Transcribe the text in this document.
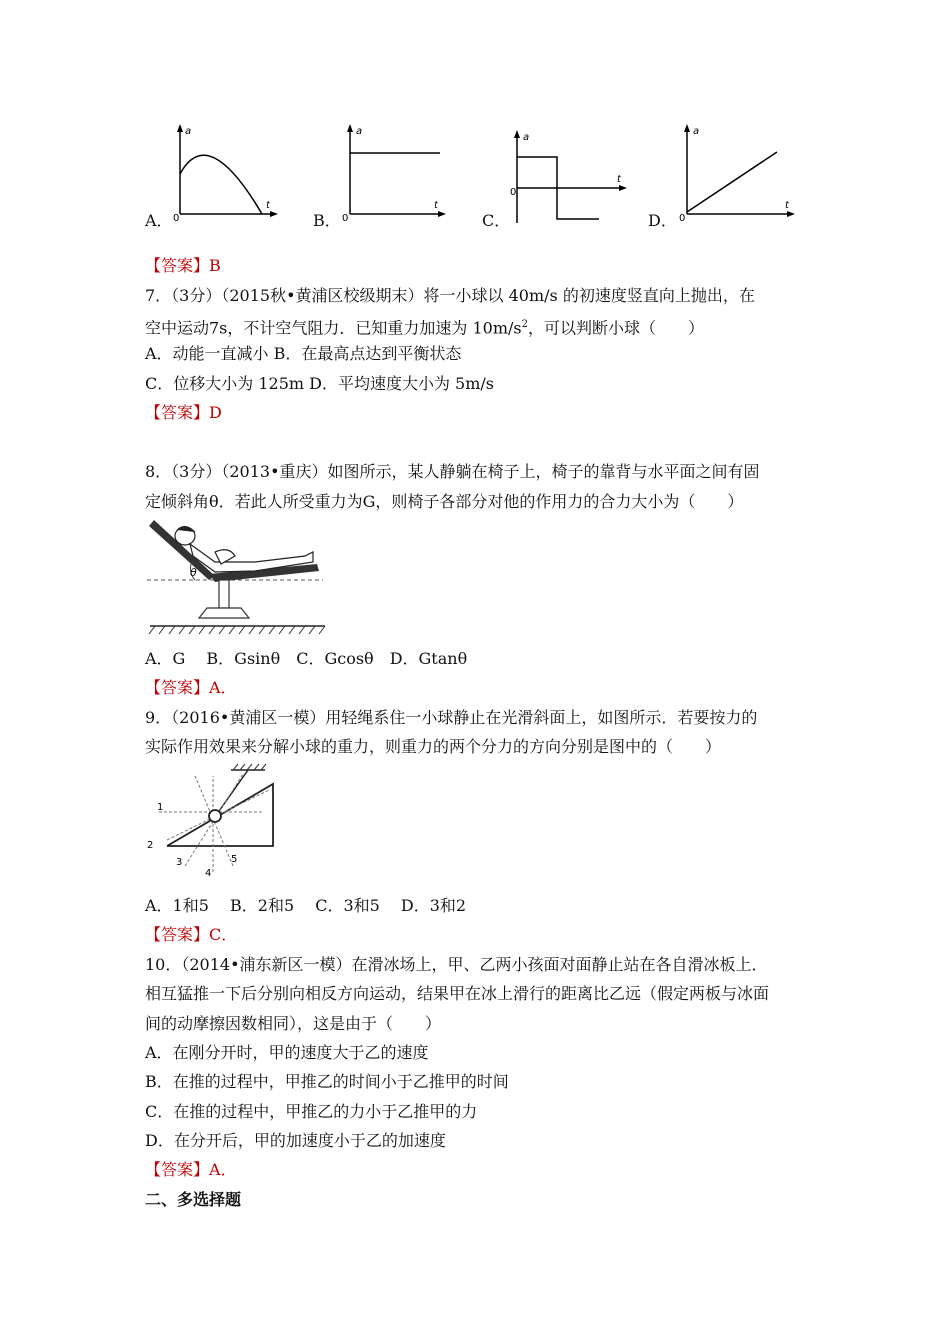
A．
a
t
0	B．
a
t
0	C．
a
t
0
D．
a
t
0
【答案】B
7．（3分）（2015秋•黄浦区校级期末）将一小球以 40m/s 的初速度竖直向上抛出，在
空中运动7s，不计空气阻力．已知重力加速为 $10m/s^2$，可以判断小球（　　）
A．动能一直减小 B．在最高点达到平衡状态
C．位移大小为 125m D．平均速度大小为 5m/s
【答案】D
8．（3分）（2013•重庆）如图所示，某人静躺在椅子上，椅子的靠背与水平面之间有固
定倾斜角θ．若此人所受重力为G，则椅子各部分对他的作用力的合力大小为（　　）
θ
A．G　 B．Gsinθ　C．Gcosθ　D．Gtanθ
【答案】A．
9．（2016•黄浦区一模）用轻绳系住一小球静止在光滑斜面上，如图所示．若要按力的
实际作用效果来分解小球的重力，则重力的两个分力的方向分别是图中的（　　）
1
2
3
4
5
A．1和5　 B．2和5　 C．3和5　 D．3和2
【答案】C．
10．（2014•浦东新区一模）在滑冰场上，甲、乙两小孩面对面静止站在各自滑冰板上．
相互猛推一下后分别向相反方向运动，结果甲在冰上滑行的距离比乙远（假定两板与冰面
间的动摩擦因数相同），这是由于（　　）
A．在刚分开时，甲的速度大于乙的速度
B．在推的过程中，甲推乙的时间小于乙推甲的时间
C．在推的过程中，甲推乙的力小于乙推甲的力
D．在分开后，甲的加速度小于乙的加速度
【答案】A．
二、多选择题
